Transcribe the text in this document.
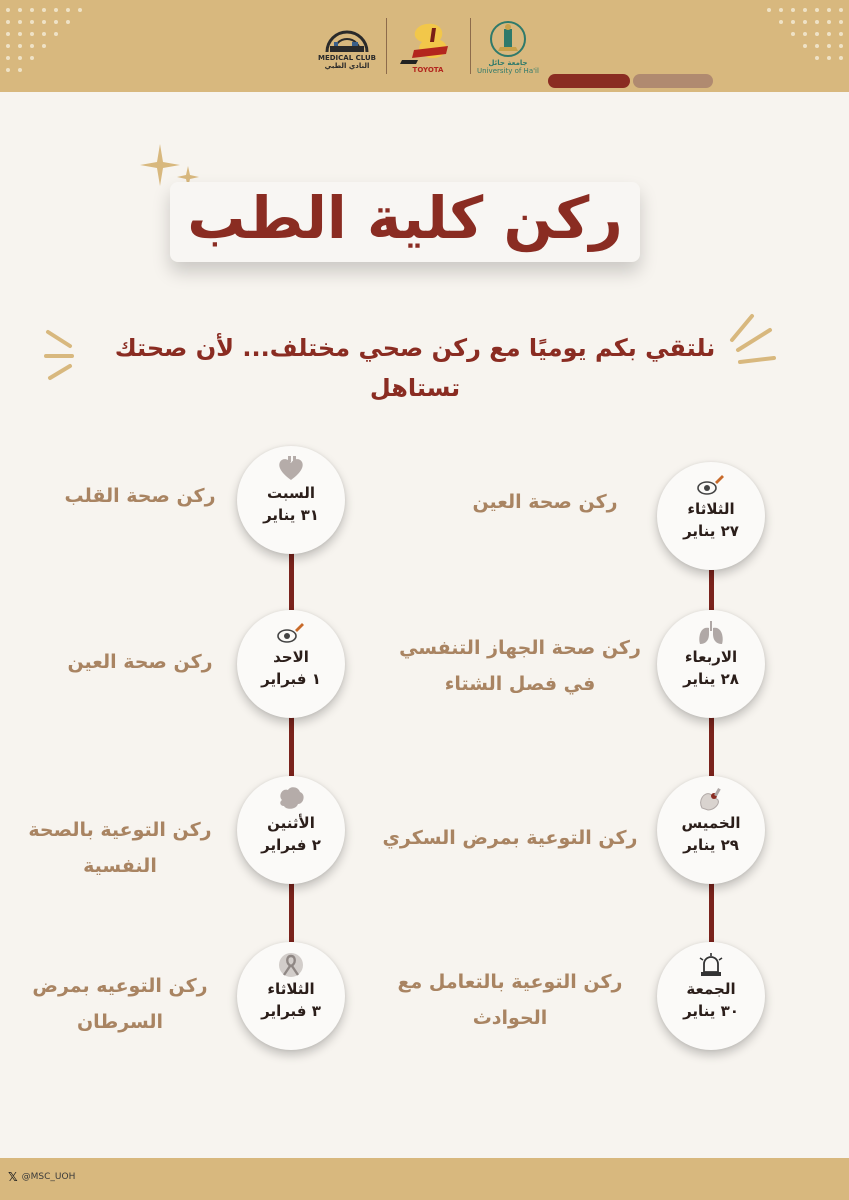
MEDICAL CLUB
النادي الطبي	TOYOTA
جامعة حائل
University of Ha'il
ركن كلية الطب
نلتقي بكم يوميًا مع ركن صحي مختلف... لأن صحتك تستاهل
الثلاثاء
٢٧ يناير
ركن صحة العين
الاربعاء
٢٨ يناير
ركن صحة الجهاز التنفسي في فصل الشتاء
الخميس
٢٩ يناير
ركن التوعية بمرض السكري
الجمعة
٣٠ يناير
ركن التوعية بالتعامل مع الحوادث
السبت
٣١ يناير
ركن صحة القلب
الاحد
١ فبراير
ركن صحة العين
الأثنين
٢ فبراير
ركن التوعية بالصحة النفسية
الثلاثاء
٣ فبراير
ركن التوعيه بمرض السرطان
𝕏 @MSC_UOH
